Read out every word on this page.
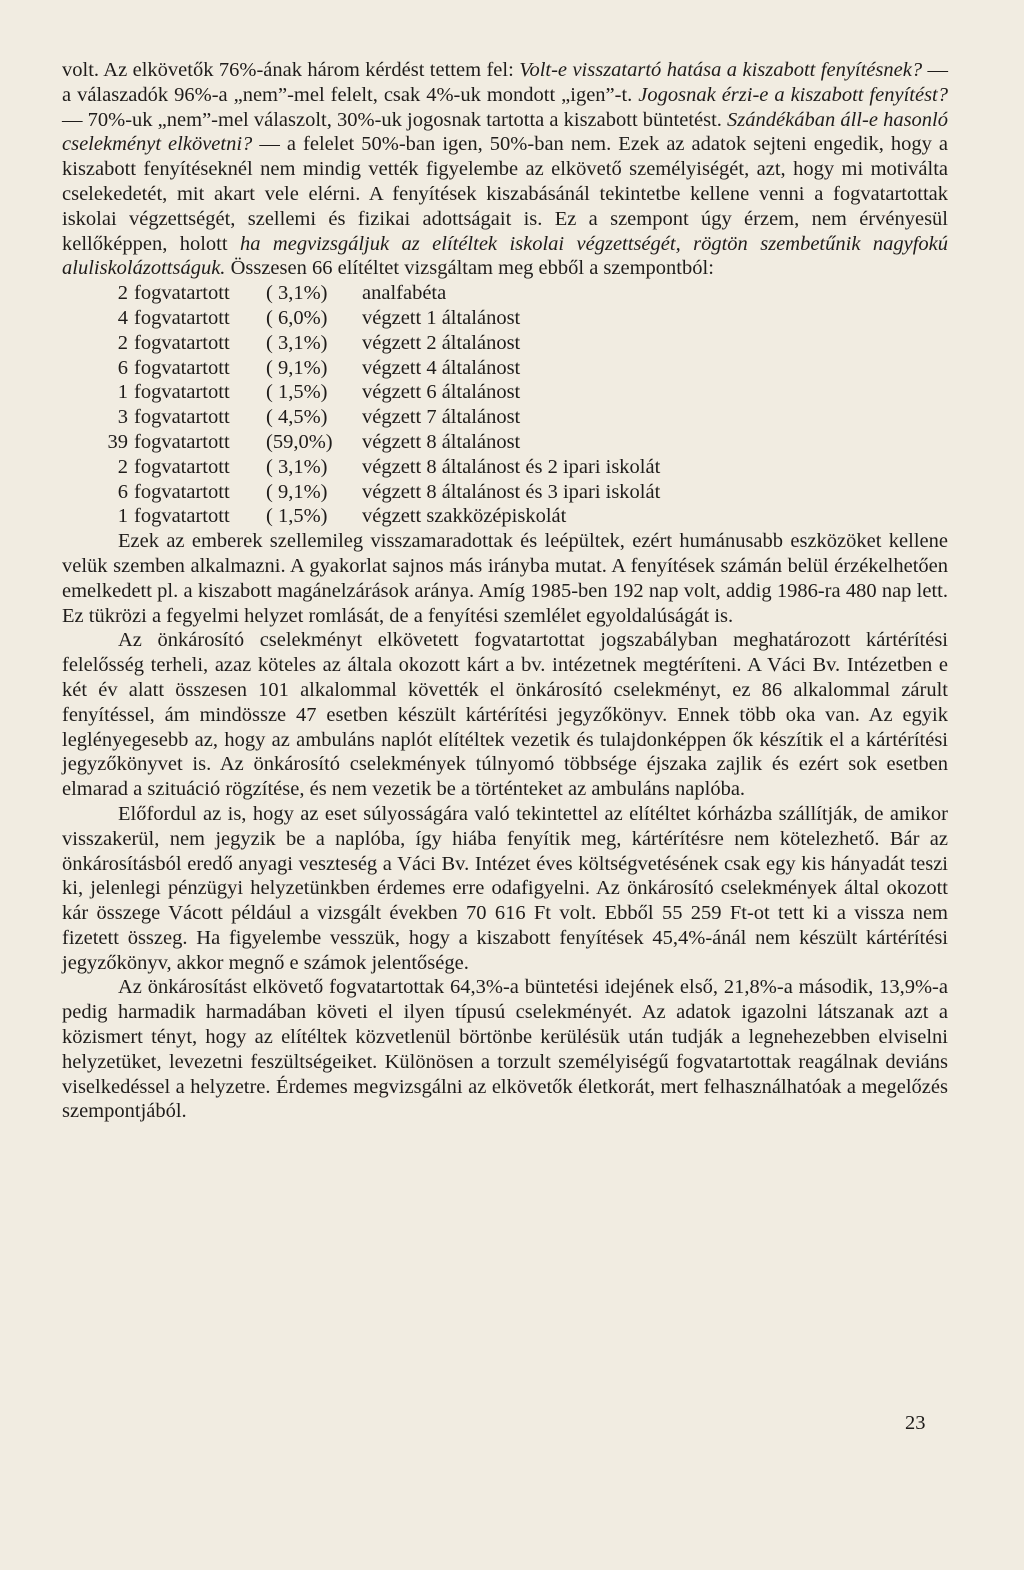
volt. Az elkövetők 76%-ának három kérdést tettem fel: Volt-e visszatartó hatása a kiszabott fenyítésnek? — a válaszadók 96%-a „nem”-mel felelt, csak 4%-uk mondott „igen”-t. Jogosnak érzi-e a kiszabott fenyítést? — 70%-uk „nem”-mel válaszolt, 30%-uk jogosnak tartotta a kiszabott büntetést. Szándékában áll-e hasonló cselekményt elkövetni? — a felelet 50%-ban igen, 50%-ban nem. Ezek az adatok sejteni engedik, hogy a kiszabott fenyítéseknél nem mindig vették figyelembe az elkövető személyiségét, azt, hogy mi motiválta cselekedetét, mit akart vele elérni. A fenyítések kiszabásánál tekintetbe kellene venni a fogvatartottak iskolai végzettségét, szellemi és fizikai adottságait is. Ez a szempont úgy érzem, nem érvényesül kellőképpen, holott ha megvizsgáljuk az elítéltek iskolai végzettségét, rögtön szembetűnik nagyfokú aluliskolázottságuk. Összesen 66 elítéltet vizsgáltam meg ebből a szempontból:

2 fogvatartott	( 3,1%)	analfabéta
4 fogvatartott	( 6,0%)	végzett 1 általánost
2 fogvatartott	( 3,1%)	végzett 2 általánost
6 fogvatartott	( 9,1%)	végzett 4 általánost
1 fogvatartott	( 1,5%)	végzett 6 általánost
3 fogvatartott	( 4,5%)	végzett 7 általánost
39 fogvatartott	(59,0%)	végzett 8 általánost
2 fogvatartott	( 3,1%)	végzett 8 általánost és 2 ipari iskolát
6 fogvatartott	( 9,1%)	végzett 8 általánost és 3 ipari iskolát
1 fogvatartott	( 1,5%)	végzett szakközépiskolát

Ezek az emberek szellemileg visszamaradottak és leépültek, ezért humánusabb eszközöket kellene velük szemben alkalmazni. A gyakorlat sajnos más irányba mutat. A fenyítések számán belül érzékelhetően emelkedett pl. a kiszabott magánelzárások aránya. Amíg 1985-ben 192 nap volt, addig 1986-ra 480 nap lett. Ez tükrözi a fegyelmi helyzet romlását, de a fenyítési szemlélet egyoldalúságát is.

Az önkárosító cselekményt elkövetett fogvatartottat jogszabályban meghatározott kártérítési felelősség terheli, azaz köteles az általa okozott kárt a bv. intézetnek megtéríteni. A Váci Bv. Intézetben e két év alatt összesen 101 alkalommal követték el önkárosító cselekményt, ez 86 alkalommal zárult fenyítéssel, ám mindössze 47 esetben készült kártérítési jegyzőkönyv. Ennek több oka van. Az egyik leglényegesebb az, hogy az ambuláns naplót elítéltek vezetik és tulajdonképpen ők készítik el a kártérítési jegyzőkönyvet is. Az önkárosító cselekmények túlnyomó többsége éjszaka zajlik és ezért sok esetben elmarad a szituáció rögzítése, és nem vezetik be a történteket az ambuláns naplóba.

Előfordul az is, hogy az eset súlyosságára való tekintettel az elítéltet kórházba szállítják, de amikor visszakerül, nem jegyzik be a naplóba, így hiába fenyítik meg, kártérítésre nem kötelezhető. Bár az önkárosításból eredő anyagi veszteség a Váci Bv. Intézet éves költségvetésének csak egy kis hányadát teszi ki, jelenlegi pénzügyi helyzetünkben érdemes erre odafigyelni. Az önkárosító cselekmények által okozott kár összege Vácott például a vizsgált években 70 616 Ft volt. Ebből 55 259 Ft-ot tett ki a vissza nem fizetett összeg. Ha figyelembe vesszük, hogy a kiszabott fenyítések 45,4%-ánál nem készült kártérítési jegyzőkönyv, akkor megnő e számok jelentősége.

Az önkárosítást elkövető fogvatartottak 64,3%-a büntetési idejének első, 21,8%-a második, 13,9%-a pedig harmadik harmadában követi el ilyen típusú cselekményét. Az adatok igazolni látszanak azt a közismert tényt, hogy az elítéltek közvetlenül börtönbe kerülésük után tudják a legnehezebben elviselni helyzetüket, levezetni feszültségeiket. Különösen a torzult személyiségű fogvatartottak reagálnak deviáns viselkedéssel a helyzetre. Érdemes megvizsgálni az elkövetők életkorát, mert felhasználhatóak a megelőzés szempontjából.

23
